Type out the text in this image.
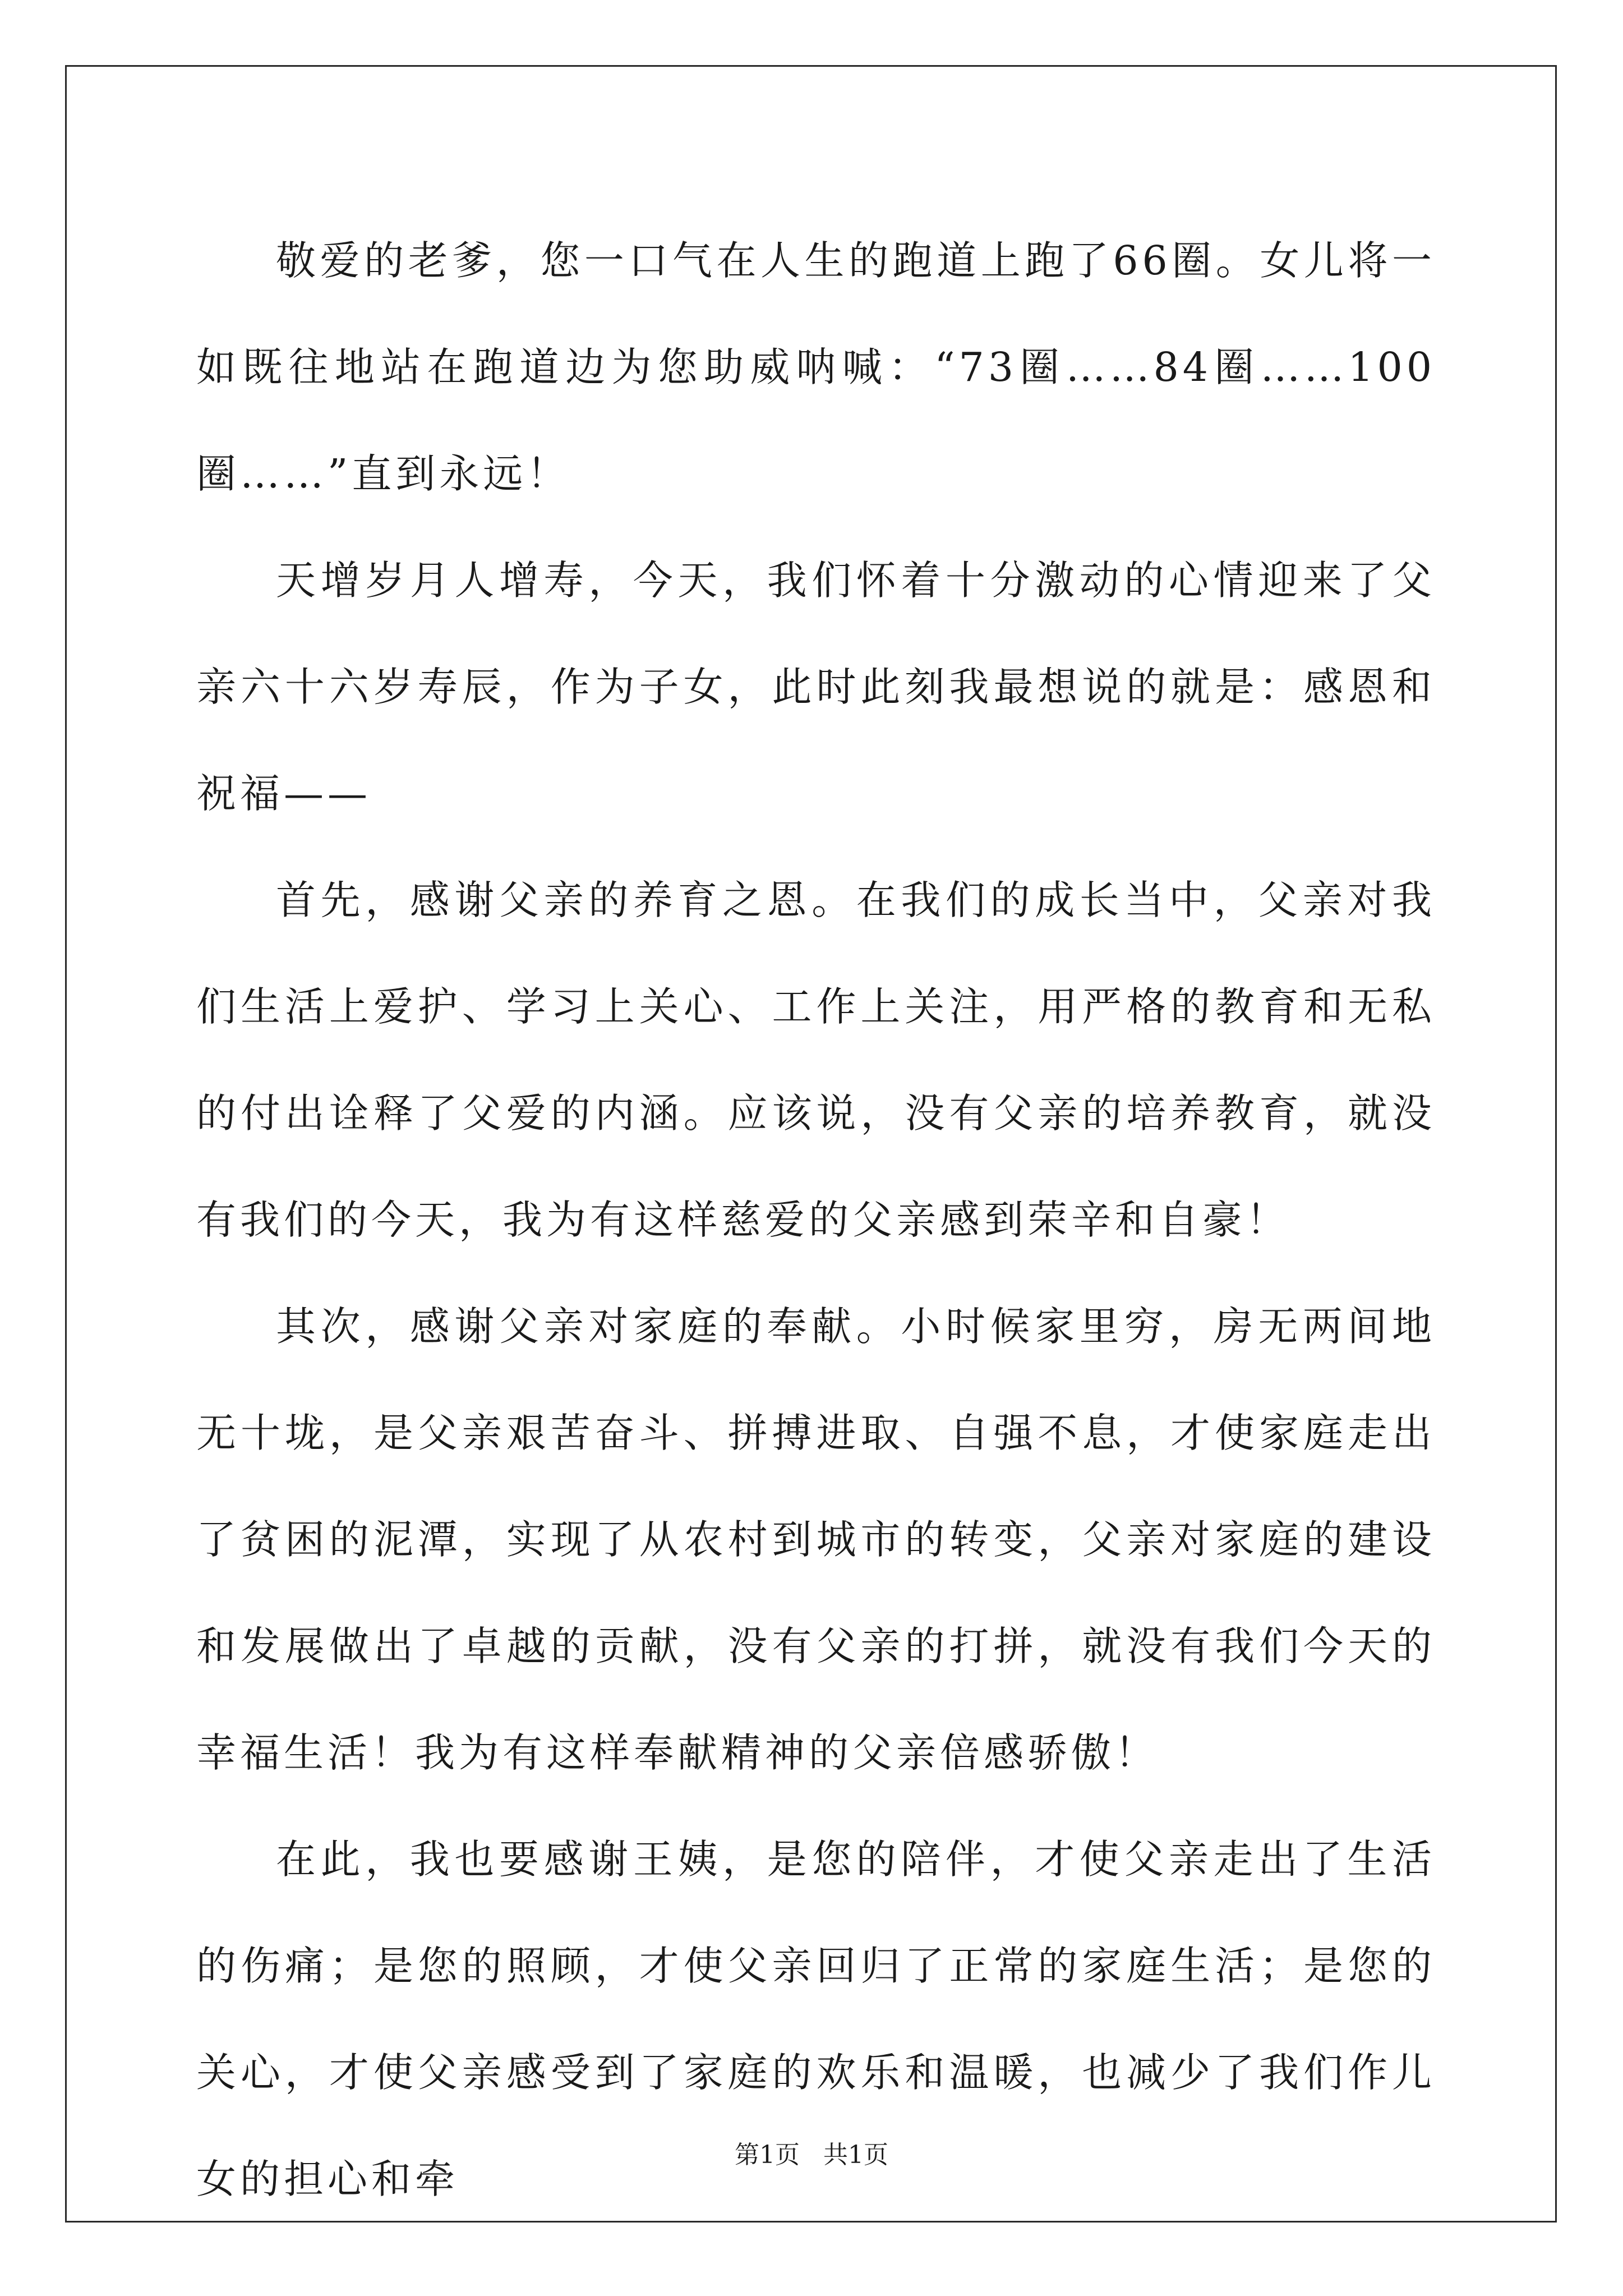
敬爱的老爹，您一口气在人生的跑道上跑了66圈。女儿将一如既往地站在跑道边为您助威呐喊：“73圈……84圈……100圈……”直到永远！

天增岁月人增寿，今天，我们怀着十分激动的心情迎来了父亲六十六岁寿辰，作为子女，此时此刻我最想说的就是：感恩和祝福——

首先，感谢父亲的养育之恩。在我们的成长当中，父亲对我们生活上爱护、学习上关心、工作上关注，用严格的教育和无私的付出诠释了父爱的内涵。应该说，没有父亲的培养教育，就没有我们的今天，我为有这样慈爱的父亲感到荣辛和自豪！

其次，感谢父亲对家庭的奉献。小时候家里穷，房无两间地无十垅，是父亲艰苦奋斗、拼搏进取、自强不息，才使家庭走出了贫困的泥潭，实现了从农村到城市的转变，父亲对家庭的建设和发展做出了卓越的贡献，没有父亲的打拼，就没有我们今天的幸福生活！我为有这样奉献精神的父亲倍感骄傲！

在此，我也要感谢王姨，是您的陪伴，才使父亲走出了生活的伤痛；是您的照顾，才使父亲回归了正常的家庭生活；是您的关心，才使父亲感受到了家庭的欢乐和温暖，也减少了我们作儿女的担心和牵

第1页 共1页
